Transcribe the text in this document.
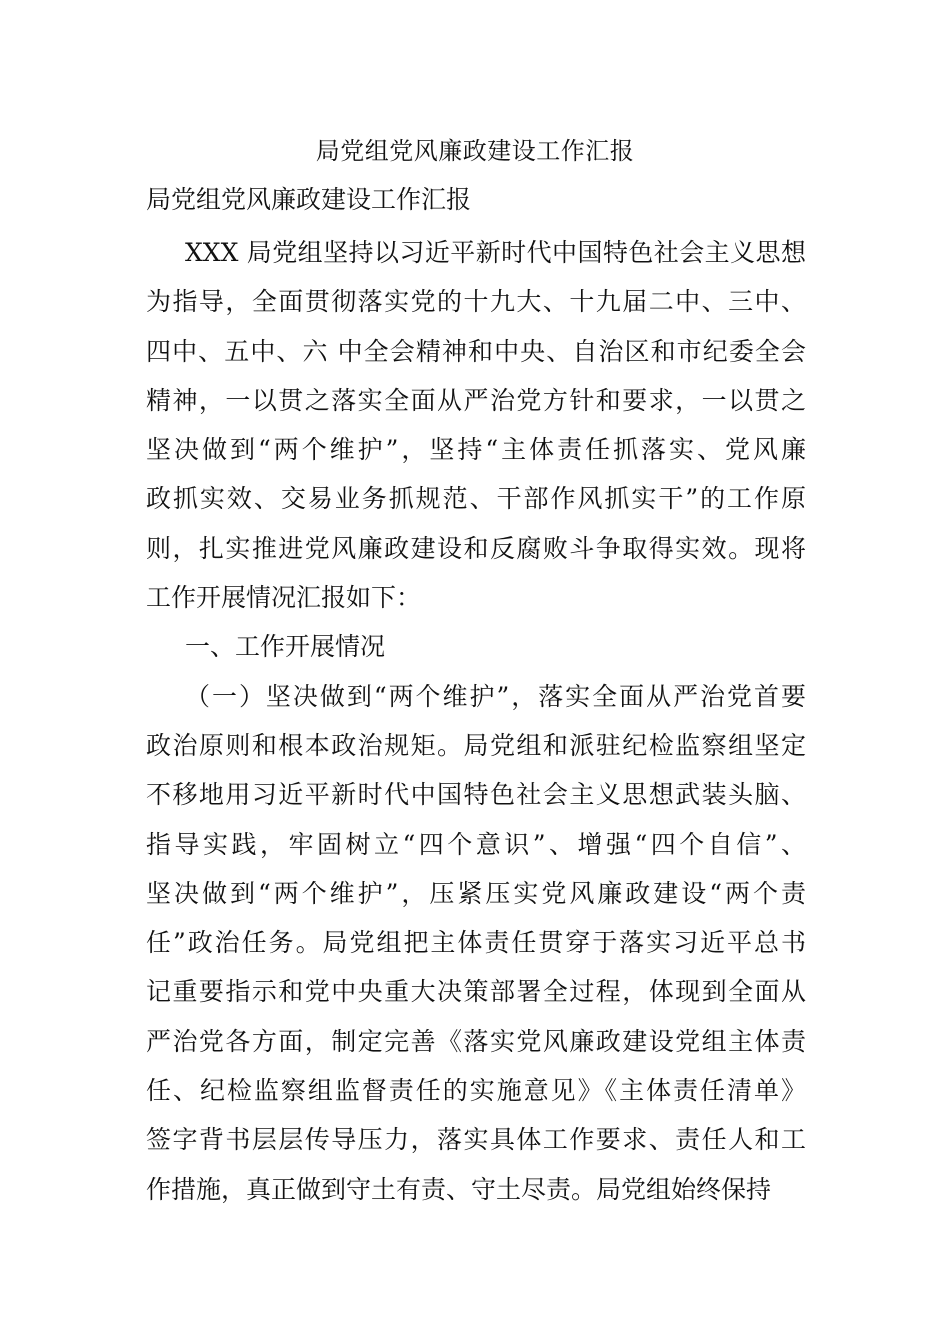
局党组党风廉政建设工作汇报
局党组党风廉政建设工作汇报
XXX 局党组坚持以习近平新时代中国特色社会主义思想
为指导，全面贯彻落实党的十九大、十九届二中、三中、
四中、五中、六 中全会精神和中央、自治区和市纪委全会
精神，一以贯之落实全面从严治党方针和要求，一以贯之
坚决做到“两个维护”，坚持“主体责任抓落实、党风廉
政抓实效、交易业务抓规范、干部作风抓实干”的工作原
则，扎实推进党风廉政建设和反腐败斗争取得实效。现将
工作开展情况汇报如下：
一、工作开展情况
（一）坚决做到“两个维护”，落实全面从严治党首要
政治原则和根本政治规矩。局党组和派驻纪检监察组坚定
不移地用习近平新时代中国特色社会主义思想武装头脑、
指导实践，牢固树立“四个意识”、增强“四个自信”、
坚决做到“两个维护”，压紧压实党风廉政建设“两个责
任”政治任务。局党组把主体责任贯穿于落实习近平总书
记重要指示和党中央重大决策部署全过程，体现到全面从
严治党各方面，制定完善《落实党风廉政建设党组主体责
任、纪检监察组监督责任的实施意见》《主体责任清单》
签字背书层层传导压力，落实具体工作要求、责任人和工
作措施，真正做到守土有责、守土尽责。局党组始终保持
